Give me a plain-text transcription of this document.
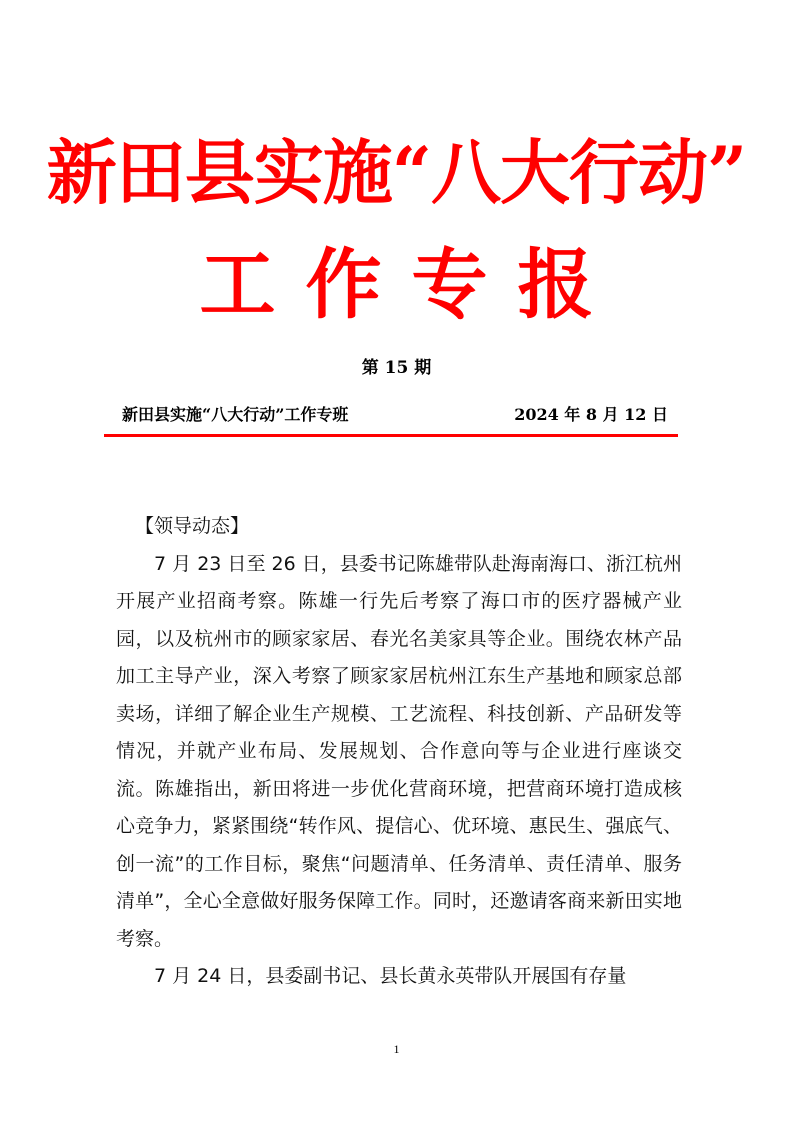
新田县实施“八大行动”
工作专报
第 15 期
新田县实施“八大行动”工作专班	2024 年 8 月 12 日

【领导动态】

7 月 23 日至 26 日，县委书记陈雄带队赴海南海口、浙江杭州开展产业招商考察。陈雄一行先后考察了海口市的医疗器械产业园，以及杭州市的顾家家居、春光名美家具等企业。围绕农林产品加工主导产业，深入考察了顾家家居杭州江东生产基地和顾家总部卖场，详细了解企业生产规模、工艺流程、科技创新、产品研发等情况，并就产业布局、发展规划、合作意向等与企业进行座谈交流。陈雄指出，新田将进一步优化营商环境，把营商环境打造成核心竞争力，紧紧围绕“转作风、提信心、优环境、惠民生、强底气、创一流”的工作目标，聚焦“问题清单、任务清单、责任清单、服务清单”，全心全意做好服务保障工作。同时，还邀请客商来新田实地考察。

7 月 24 日，县委副书记、县长黄永英带队开展国有存量

1
